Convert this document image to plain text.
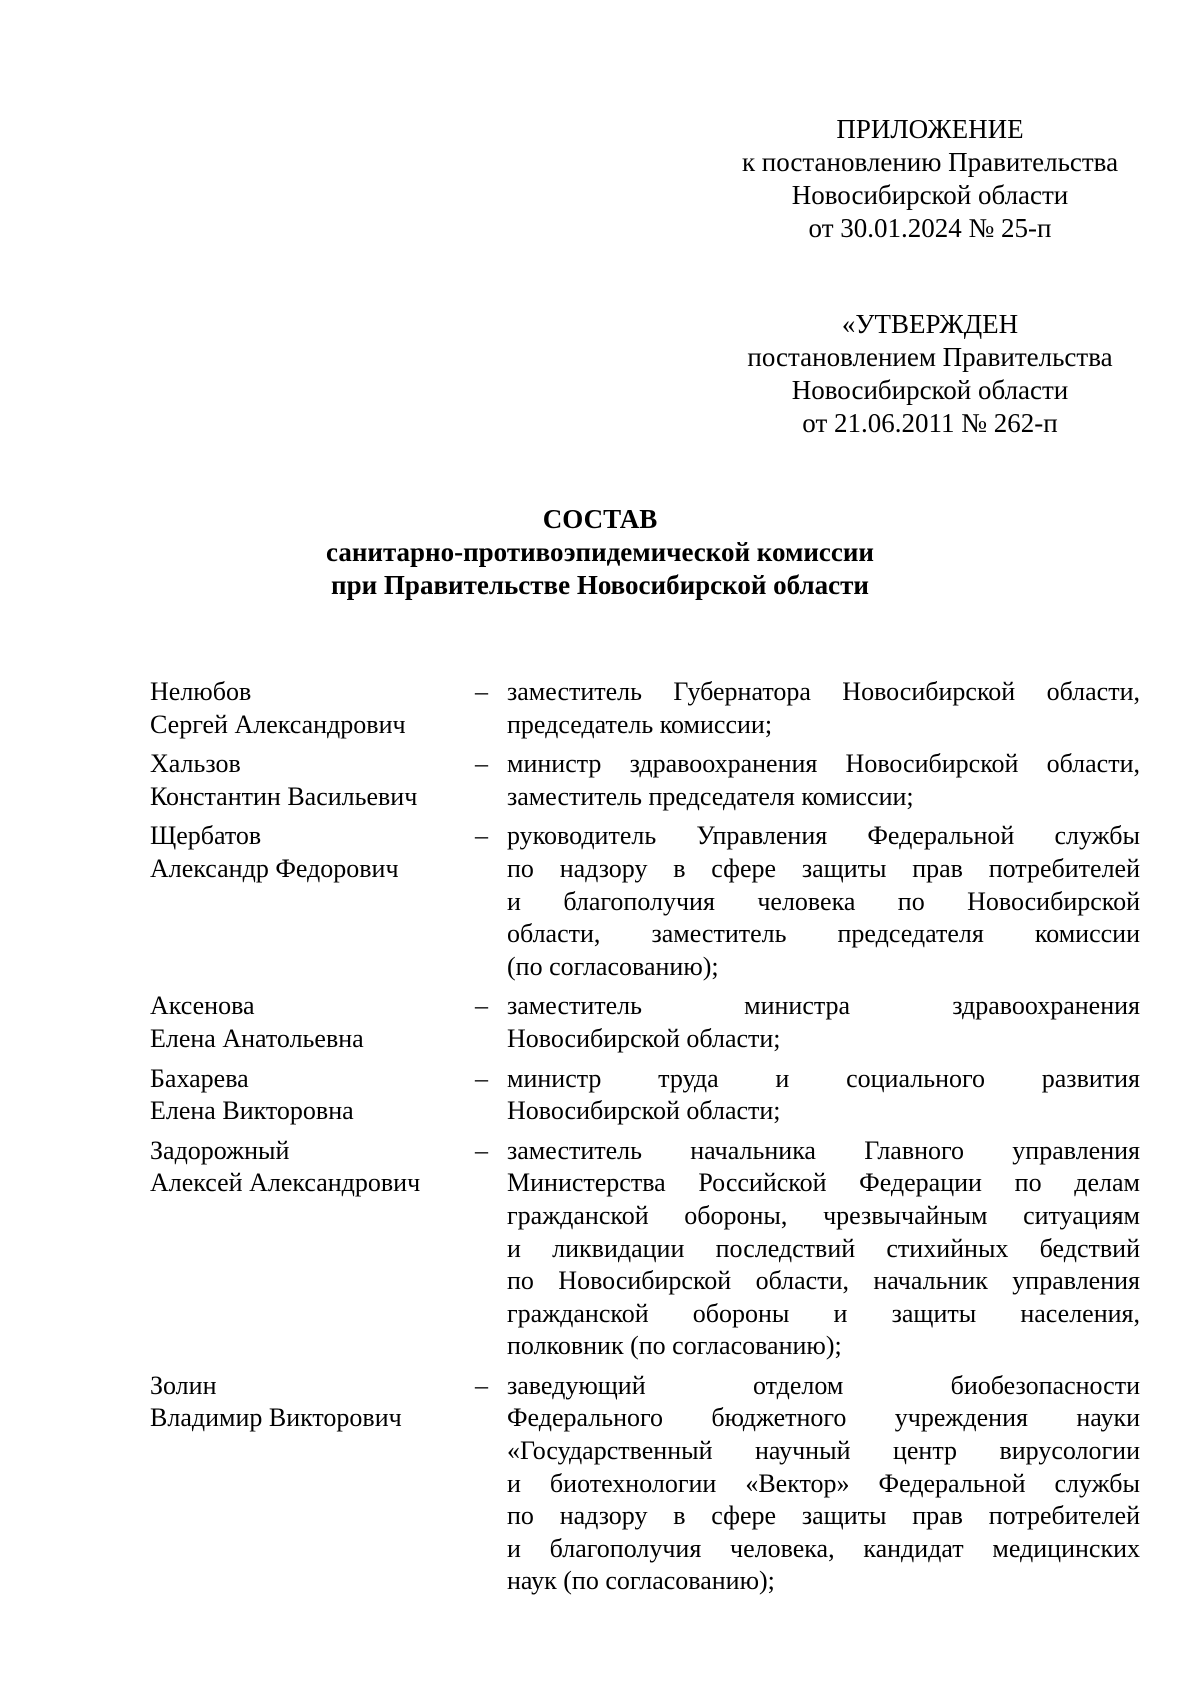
ПРИЛОЖЕНИЕ
к постановлению Правительства
Новосибирской области
от 30.01.2024 № 25-п
«УТВЕРЖДЕН
постановлением Правительства
Новосибирской области
от 21.06.2011 № 262-п
СОСТАВ
санитарно-противоэпидемической комиссии
при Правительстве Новосибирской области
Нелюбов
Сергей Александрович
– заместитель Губернатора Новосибирской области,
председатель комиссии;
Хальзов
Константин Васильевич
– министр здравоохранения Новосибирской области,
заместитель председателя комиссии;
Щербатов
Александр Федорович
– руководитель Управления Федеральной службы
по надзору в сфере защиты прав потребителей
и благополучия человека по Новосибирской
области, заместитель председателя комиссии
(по согласованию);
Аксенова
Елена Анатольевна
– заместитель министра здравоохранения
Новосибирской области;
Бахарева
Елена Викторовна
– министр труда и социального развития
Новосибирской области;
Задорожный
Алексей Александрович
– заместитель начальника Главного управления
Министерства Российской Федерации по делам
гражданской обороны, чрезвычайным ситуациям
и ликвидации последствий стихийных бедствий
по Новосибирской области, начальник управления
гражданской обороны и защиты населения,
полковник (по согласованию);
Золин
Владимир Викторович
– заведующий отделом биобезопасности
Федерального бюджетного учреждения науки
«Государственный научный центр вирусологии
и биотехнологии «Вектор» Федеральной службы
по надзору в сфере защиты прав потребителей
и благополучия человека, кандидат медицинских
наук (по согласованию);
